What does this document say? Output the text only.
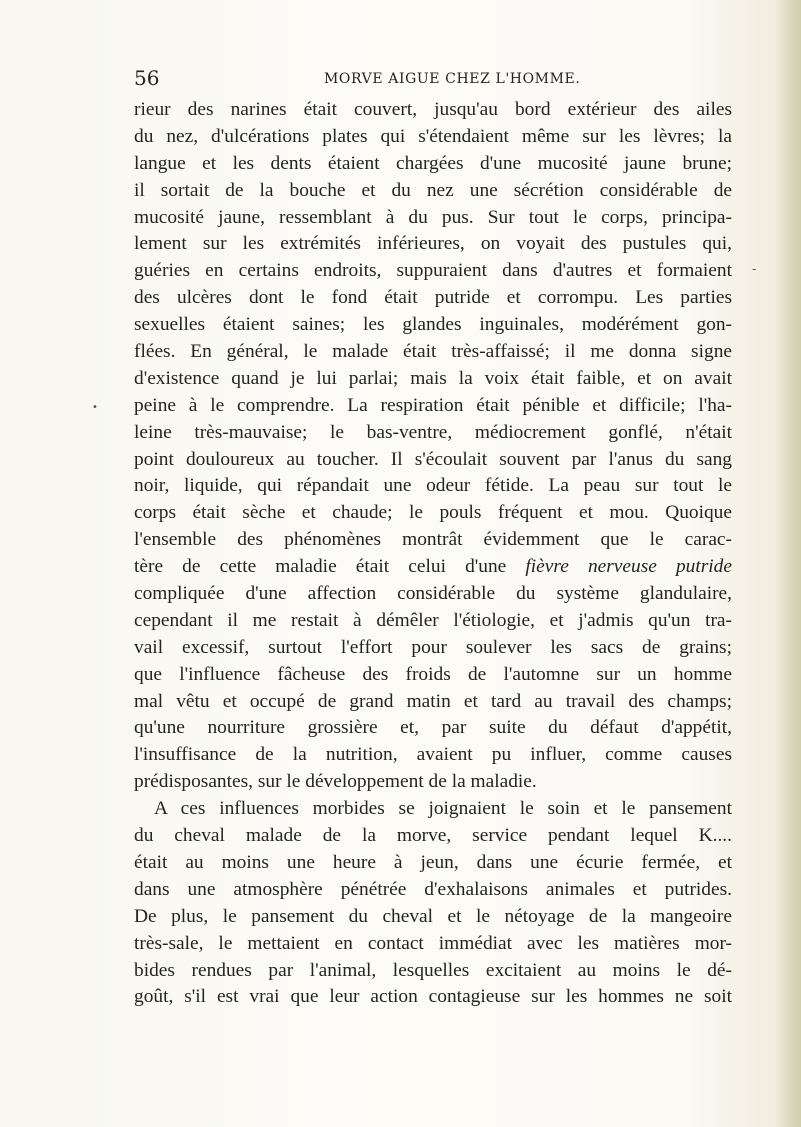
56	MORVE AIGUE CHEZ L'HOMME.
rieur des narines était couvert, jusqu'au bord extérieur des ailes
du nez, d'ulcérations plates qui s'étendaient même sur les lèvres; la
langue et les dents étaient chargées d'une mucosité jaune brune;
il sortait de la bouche et du nez une sécrétion considérable de
mucosité jaune, ressemblant à du pus. Sur tout le corps, principa-
lement sur les extrémités inférieures, on voyait des pustules qui,
guéries en certains endroits, suppuraient dans d'autres et formaient
des ulcères dont le fond était putride et corrompu. Les parties
sexuelles étaient saines; les glandes inguinales, modérément gon-
flées. En général, le malade était très-affaissé; il me donna signe
d'existence quand je lui parlai; mais la voix était faible, et on avait
peine à le comprendre. La respiration était pénible et difficile; l'ha-
leine très-mauvaise; le bas-ventre, médiocrement gonflé, n'était
point douloureux au toucher. Il s'écoulait souvent par l'anus du sang
noir, liquide, qui répandait une odeur fétide. La peau sur tout le
corps était sèche et chaude; le pouls fréquent et mou. Quoique
l'ensemble des phénomènes montrât évidemment que le carac-
tère de cette maladie était celui d'une fièvre nerveuse putride
compliquée d'une affection considérable du système glandulaire,
cependant il me restait à démêler l'étiologie, et j'admis qu'un tra-
vail excessif, surtout l'effort pour soulever les sacs de grains;
que l'influence fâcheuse des froids de l'automne sur un homme
mal vêtu et occupé de grand matin et tard au travail des champs;
qu'une nourriture grossière et, par suite du défaut d'appétit,
l'insuffisance de la nutrition, avaient pu influer, comme causes
prédisposantes, sur le développement de la maladie.
A ces influences morbides se joignaient le soin et le pansement
du cheval malade de la morve, service pendant lequel K....
était au moins une heure à jeun, dans une écurie fermée, et
dans une atmosphère pénétrée d'exhalaisons animales et putrides.
De plus, le pansement du cheval et le nétoyage de la mangeoire
très-sale, le mettaient en contact immédiat avec les matières mor-
bides rendues par l'animal, lesquelles excitaient au moins le dé-
goût, s'il est vrai que leur action contagieuse sur les hommes ne soit
•
-
